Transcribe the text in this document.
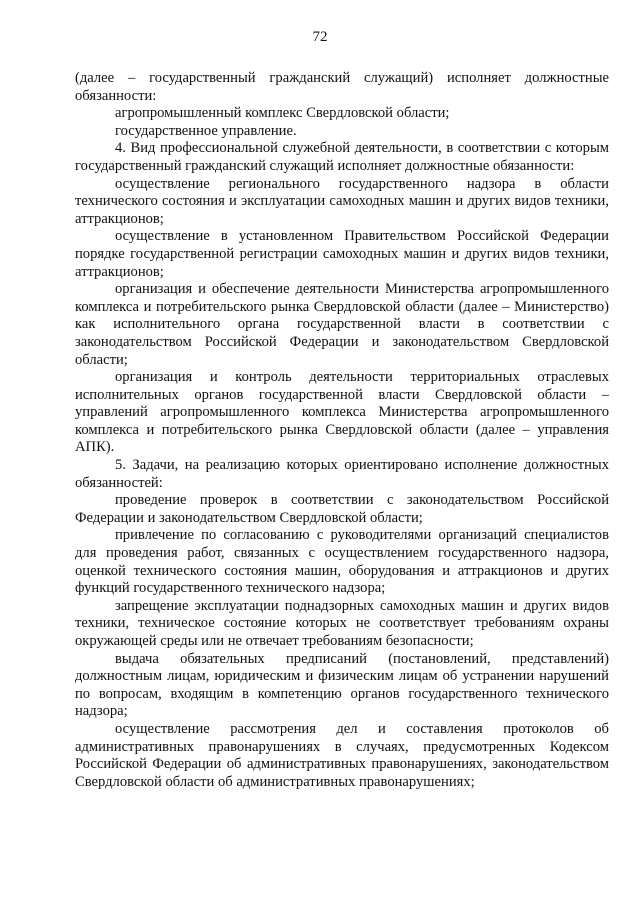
72

(далее – государственный гражданский служащий) исполняет должностные обязанности:

агропромышленный комплекс Свердловской области;

государственное управление.

4. Вид профессиональной служебной деятельности, в соответствии с которым государственный гражданский служащий исполняет должностные обязанности:

осуществление регионального государственного надзора в области технического состояния и эксплуатации самоходных машин и других видов техники, аттракционов;

осуществление в установленном Правительством Российской Федерации порядке государственной регистрации самоходных машин и других видов техники, аттракционов;

организация и обеспечение деятельности Министерства агропромышленного комплекса и потребительского рынка Свердловской области (далее – Министерство) как исполнительного органа государственной власти в соответствии с законодательством Российской Федерации и законодательством Свердловской области;

организация и контроль деятельности территориальных отраслевых исполнительных органов государственной власти Свердловской области – управлений агропромышленного комплекса Министерства агропромышленного комплекса и потребительского рынка Свердловской области (далее – управления АПК).

5. Задачи, на реализацию которых ориентировано исполнение должностных обязанностей:

проведение проверок в соответствии с законодательством Российской Федерации и законодательством Свердловской области;

привлечение по согласованию с руководителями организаций специалистов для проведения работ, связанных с осуществлением государственного надзора, оценкой технического состояния машин, оборудования и аттракционов и других функций государственного технического надзора;

запрещение эксплуатации поднадзорных самоходных машин и других видов техники, техническое состояние которых не соответствует требованиям охраны окружающей среды или не отвечает требованиям безопасности;

выдача обязательных предписаний (постановлений, представлений) должностным лицам, юридическим и физическим лицам об устранении нарушений по вопросам, входящим в компетенцию органов государственного технического надзора;

осуществление рассмотрения дел и составления протоколов об административных правонарушениях в случаях, предусмотренных Кодексом Российской Федерации об административных правонарушениях, законодательством Свердловской области об административных правонарушениях;
